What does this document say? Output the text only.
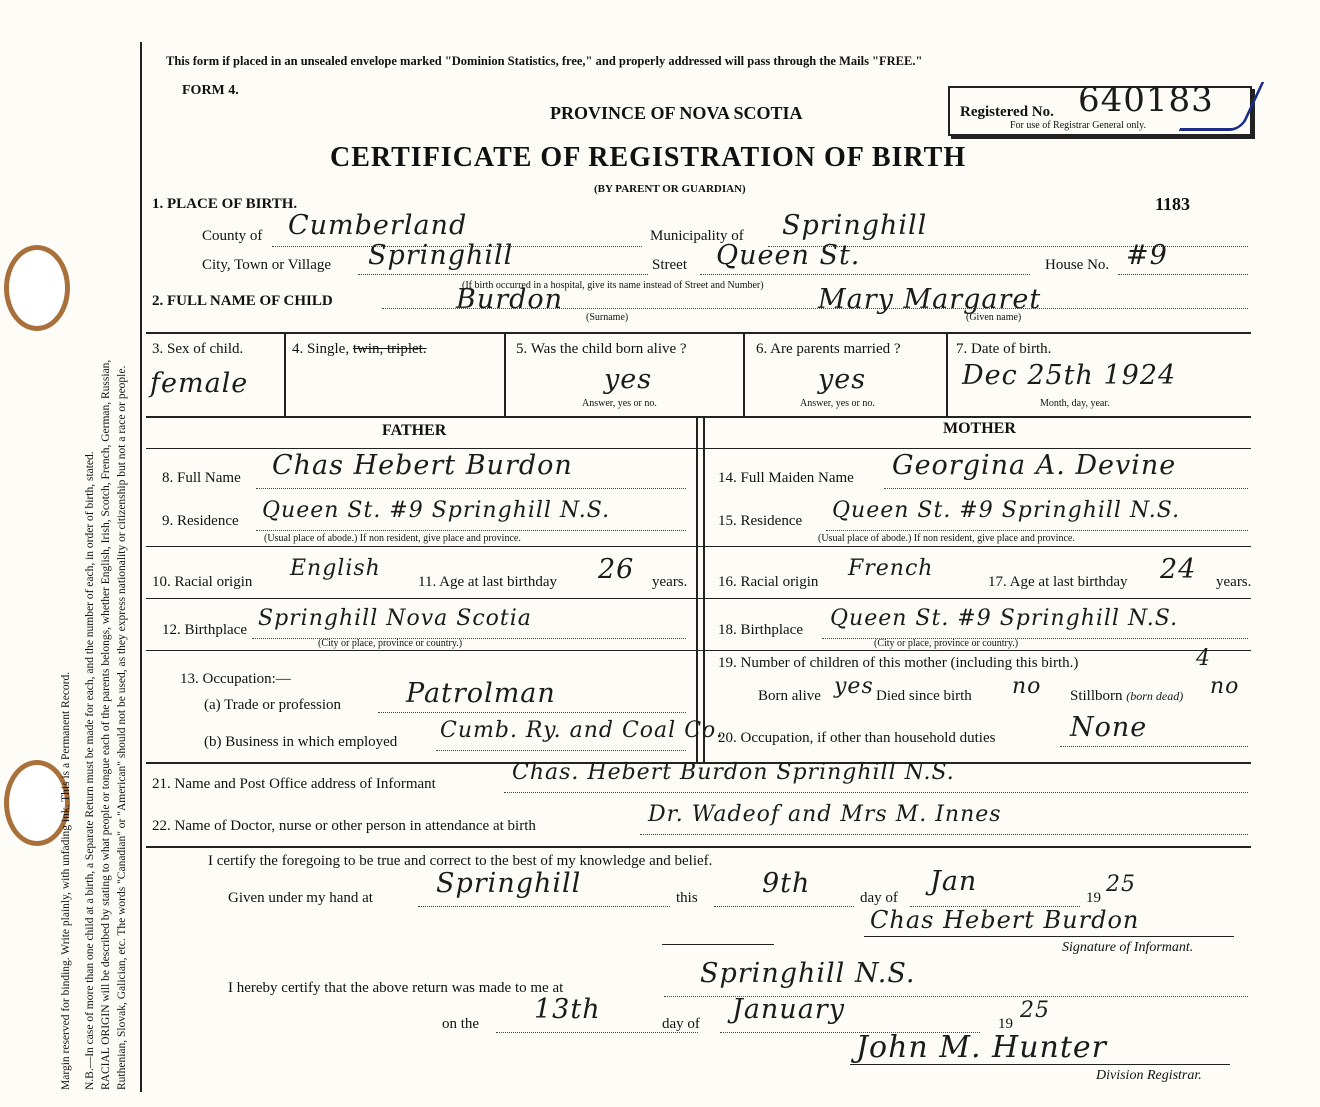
Margin reserved for binding. Write plainly, with unfading ink. This is a Permanent Record. N.B.—In case of more than one child at a birth, a Separate Return must be made for each, and the number of each, in order of birth, stated. RACIAL ORIGIN will be described by stating to what people or tongue each of the parents belongs, whether English, Irish, Scotch, French, German, Russian, Ruthenian, Slovak, Galician, etc. The words "Canadian" or "American" should not be used, as they express nationality or citizenship but not a race or people.
This form if placed in an unsealed envelope marked "Dominion Statistics, free," and properly addressed will pass through the Mails "FREE."
FORM 4.
PROVINCE OF NOVA SCOTIA
CERTIFICATE OF REGISTRATION OF BIRTH
(BY PARENT OR GUARDIAN)
Registered No. 640183
For use of Registrar General only.
1183
1. PLACE OF BIRTH.
County of Cumberland	Municipality of Springhill
City, Town or Village Springhill	Street Queen St.	House No. #9
2. FULL NAME OF CHILD
(If birth occurred in a hospital, give its name instead of Street and Number)
Burdon	Mary Margaret
(Surname)	(Given name)
3. Sex of child.
female
4. Single, twin, triplet.	5. Was the child born alive ?
yes
Answer, yes or no.
6. Are parents married ?
yes
Answer, yes or no.
7. Date of birth.
Dec 25th 1924
Month, day, year.
FATHER	MOTHER
8. Full Name Chas Hebert Burdon
9. Residence Queen St. #9 Springhill N.S.
(Usual place of abode.) If non resident, give place and province.
10. Racial origin
English
11. Age at last birthday 26 years.
12. Birthplace Springhill Nova Scotia
(City or place, province or country.)
13. Occupation:—
(a) Trade or profession Patrolman
(b) Business in which employed Cumb. Ry. and Coal Co.
14. Full Maiden Name Georgina A. Devine
15. Residence Queen St. #9 Springhill N.S.
(Usual place of abode.) If non resident, give place and province.
16. Racial origin
French
17. Age at last birthday 24 years.
18. Birthplace Queen St. #9 Springhill N.S.
(City or place, province or country.)
19. Number of children of this mother (including this birth.)	4
Born alive yes Died since birth no Stillborn (born dead) no
20. Occupation, if other than household duties	None
21. Name and Post Office address of Informant	Chas. Hebert Burdon Springhill N.S.
22. Name of Doctor, nurse or other person in attendance at birth	Dr. Wadeof and Mrs M. Innes
I certify the foregoing to be true and correct to the best of my knowledge and belief.
Given under my hand at Springhill	this 9th	day of
Jan
19
25
Chas Hebert Burdon
Signature of Informant.
I hereby certify that the above return was made to me at	Springhill N.S.
on the 13th	day of January	19
25
John M. Hunter
Division Registrar.
